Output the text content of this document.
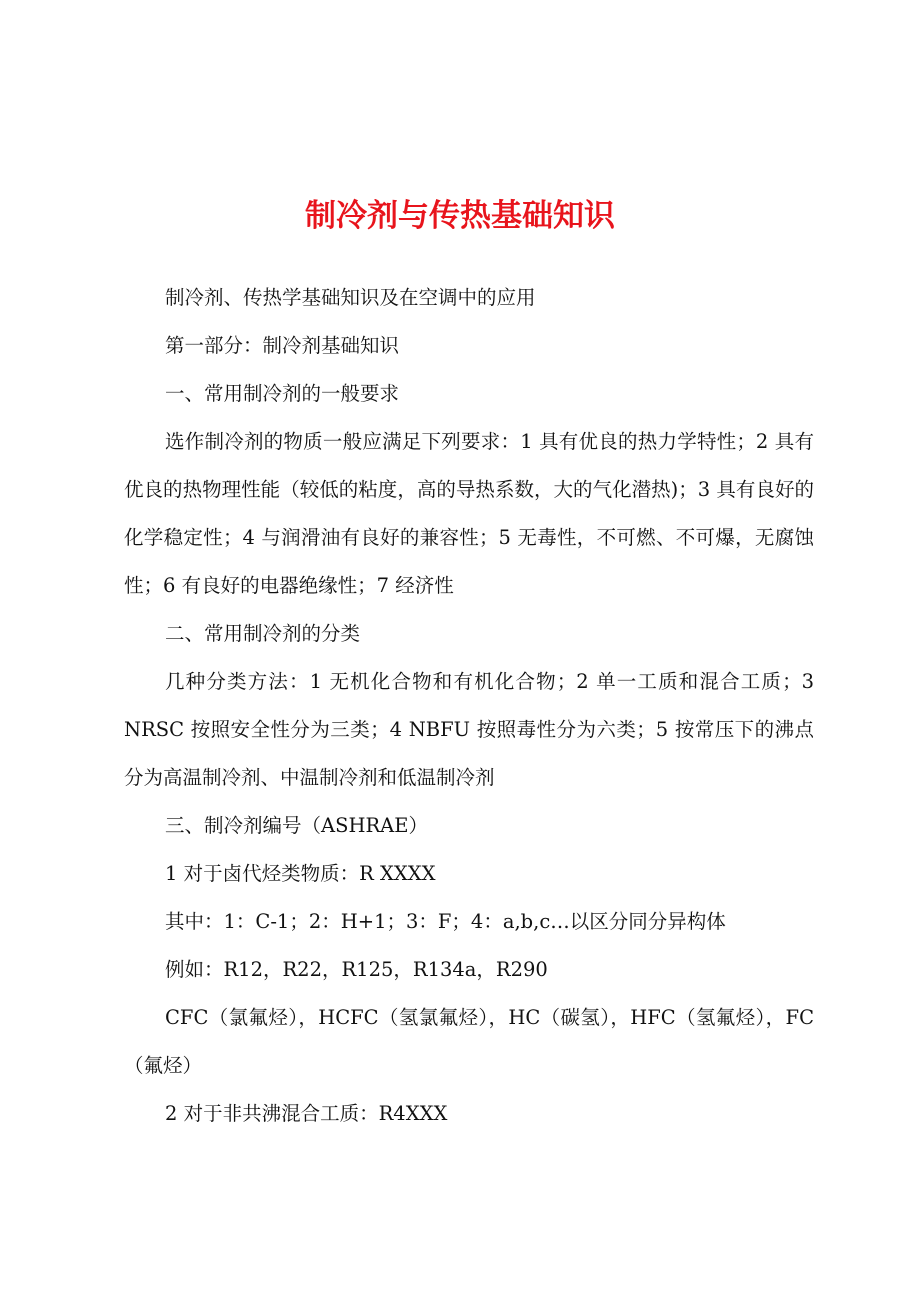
制冷剂与传热基础知识

制冷剂、传热学基础知识及在空调中的应用

第一部分：制冷剂基础知识

一、常用制冷剂的一般要求

选作制冷剂的物质一般应满足下列要求：1 具有优良的热力学特性；2 具有优良的热物理性能（较低的粘度，高的导热系数，大的气化潜热)；3 具有良好的化学稳定性；4 与润滑油有良好的兼容性；5 无毒性，不可燃、不可爆，无腐蚀性；6 有良好的电器绝缘性；7 经济性

二、常用制冷剂的分类

几种分类方法：1 无机化合物和有机化合物；2 单一工质和混合工质；3 NRSC 按照安全性分为三类；4 NBFU 按照毒性分为六类；5 按常压下的沸点分为高温制冷剂、中温制冷剂和低温制冷剂

三、制冷剂编号（ASHRAE）

1 对于卤代烃类物质：R XXXX

其中：1：C-1；2：H+1；3：F；4：a,b,c…以区分同分异构体

例如：R12，R22，R125，R134a，R290

CFC（氯氟烃），HCFC（氢氯氟烃），HC（碳氢），HFC（氢氟烃），FC（氟烃）

2 对于非共沸混合工质：R4XXX
